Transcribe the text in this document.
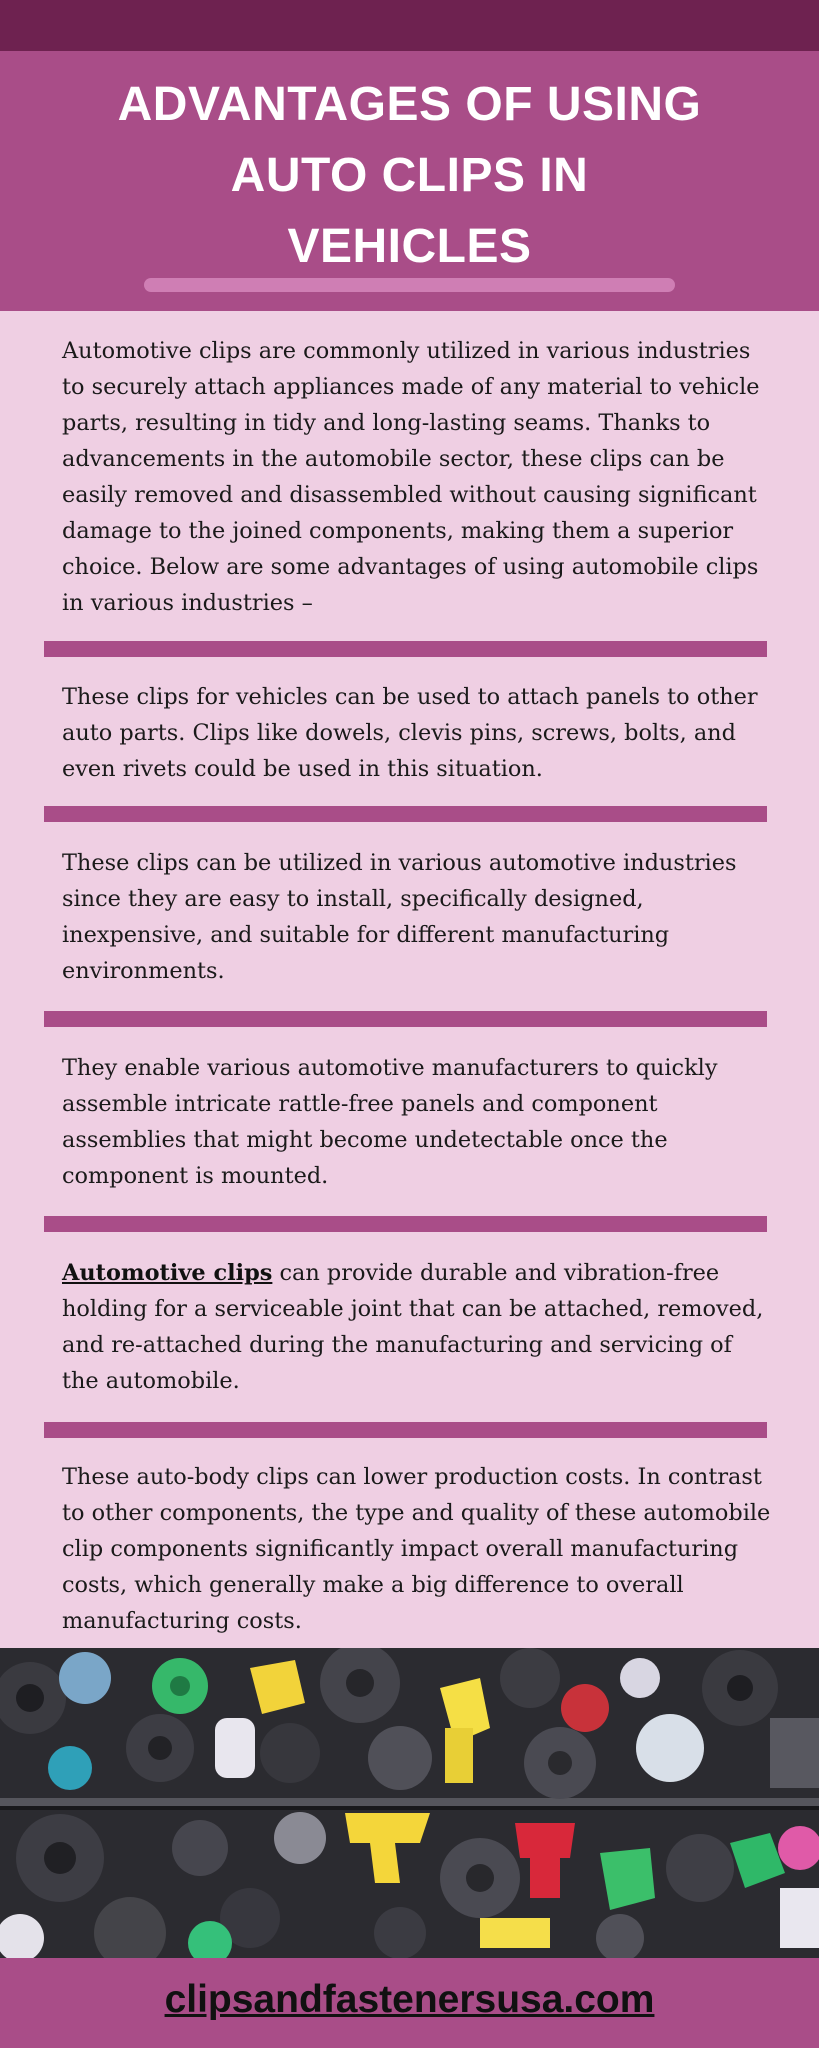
ADVANTAGES OF USING
AUTO CLIPS IN
VEHICLES

Automotive clips are commonly utilized in various industries to securely attach appliances made of any material to vehicle parts, resulting in tidy and long-lasting seams. Thanks to advancements in the automobile sector, these clips can be easily removed and disassembled without causing significant damage to the joined components, making them a superior choice. Below are some advantages of using automobile clips in various industries –

These clips for vehicles can be used to attach panels to other auto parts. Clips like dowels, clevis pins, screws, bolts, and even rivets could be used in this situation.

These clips can be utilized in various automotive industries since they are easy to install, specifically designed, inexpensive, and suitable for different manufacturing environments.

They enable various automotive manufacturers to quickly assemble intricate rattle-free panels and component assemblies that might become undetectable once the component is mounted.

Automotive clips can provide durable and vibration-free holding for a serviceable joint that can be attached, removed, and re-attached during the manufacturing and servicing of the automobile.

These auto-body clips can lower production costs. In contrast to other components, the type and quality of these automobile clip components significantly impact overall manufacturing costs, which generally make a big difference to overall manufacturing costs.

clipsandfastenersusa.com
